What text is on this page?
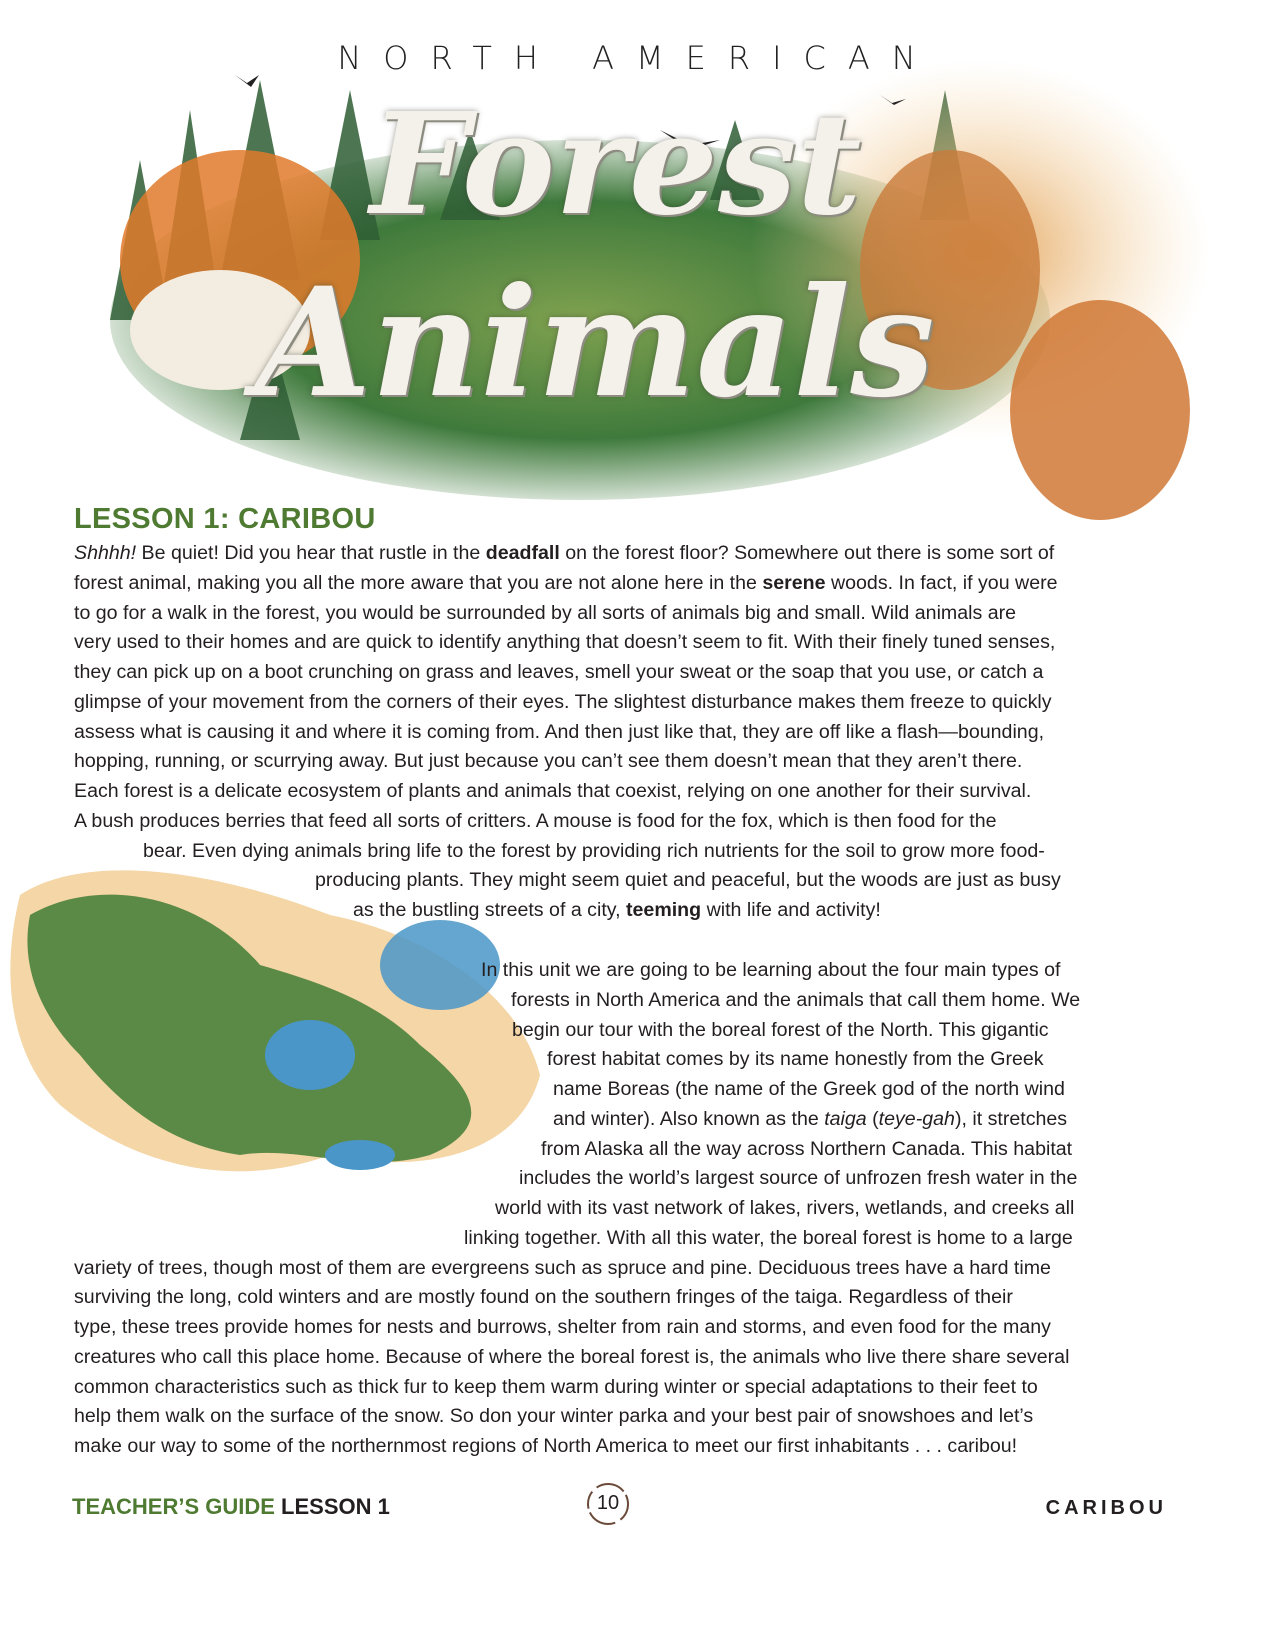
NORTH AMERICAN
Forest
Animals
LESSON 1: CARIBOU
Shhhh! Be quiet! Did you hear that rustle in the deadfall on the forest floor? Somewhere out there is some sort of
forest animal, making you all the more aware that you are not alone here in the serene woods. In fact, if you were
to go for a walk in the forest, you would be surrounded by all sorts of animals big and small. Wild animals are
very used to their homes and are quick to identify anything that doesn’t seem to fit. With their finely tuned senses,
they can pick up on a boot crunching on grass and leaves, smell your sweat or the soap that you use, or catch a
glimpse of your movement from the corners of their eyes. The slightest disturbance makes them freeze to quickly
assess what is causing it and where it is coming from. And then just like that, they are off like a flash—bounding,
hopping, running, or scurrying away. But just because you can’t see them doesn’t mean that they aren’t there.
Each forest is a delicate ecosystem of plants and animals that coexist, relying on one another for their survival.
A bush produces berries that feed all sorts of critters. A mouse is food for the fox, which is then food for the
bear. Even dying animals bring life to the forest by providing rich nutrients for the soil to grow more food-
producing plants. They might seem quiet and peaceful, but the woods are just as busy
as the bustling streets of a city, teeming with life and activity!
In this unit we are going to be learning about the four main types of
forests in North America and the animals that call them home. We
begin our tour with the boreal forest of the North. This gigantic
forest habitat comes by its name honestly from the Greek
name Boreas (the name of the Greek god of the north wind
and winter). Also known as the taiga (teye-gah), it stretches
from Alaska all the way across Northern Canada. This habitat
includes the world’s largest source of unfrozen fresh water in the
world with its vast network of lakes, rivers, wetlands, and creeks all
linking together. With all this water, the boreal forest is home to a large
variety of trees, though most of them are evergreens such as spruce and pine. Deciduous trees have a hard time
surviving the long, cold winters and are mostly found on the southern fringes of the taiga. Regardless of their
type, these trees provide homes for nests and burrows, shelter from rain and storms, and even food for the many
creatures who call this place home. Because of where the boreal forest is, the animals who live there share several
common characteristics such as thick fur to keep them warm during winter or special adaptations to their feet to
help them walk on the surface of the snow. So don your winter parka and your best pair of snowshoes and let’s
make our way to some of the northernmost regions of North America to meet our first inhabitants . . . caribou!
TEACHER’S GUIDE LESSON 1	10	CARIBOU
